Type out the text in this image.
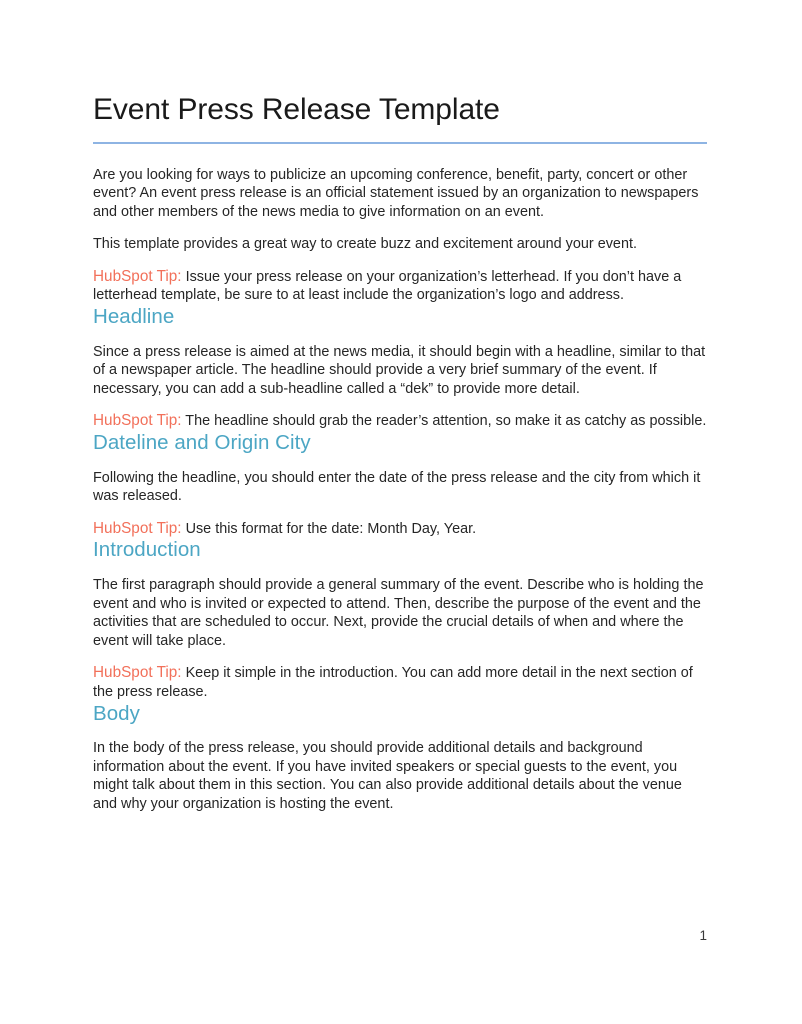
Event Press Release Template

Are you looking for ways to publicize an upcoming conference, benefit, party, concert or other event? An event press release is an official statement issued by an organization to newspapers and other members of the news media to give information on an event.

This template provides a great way to create buzz and excitement around your event.

HubSpot Tip: Issue your press release on your organization’s letterhead. If you don’t have a letterhead template, be sure to at least include the organization’s logo and address.

Headline

Since a press release is aimed at the news media, it should begin with a headline, similar to that of a newspaper article. The headline should provide a very brief summary of the event. If necessary, you can add a sub-headline called a “dek” to provide more detail.

HubSpot Tip: The headline should grab the reader’s attention, so make it as catchy as possible.

Dateline and Origin City

Following the headline, you should enter the date of the press release and the city from which it was released.

HubSpot Tip: Use this format for the date: Month Day, Year.

Introduction

The first paragraph should provide a general summary of the event. Describe who is holding the event and who is invited or expected to attend. Then, describe the purpose of the event and the activities that are scheduled to occur. Next, provide the crucial details of when and where the event will take place.

HubSpot Tip: Keep it simple in the introduction. You can add more detail in the next section of the press release.

Body

In the body of the press release, you should provide additional details and background information about the event. If you have invited speakers or special guests to the event, you might talk about them in this section. You can also provide additional details about the venue and why your organization is hosting the event.

1
